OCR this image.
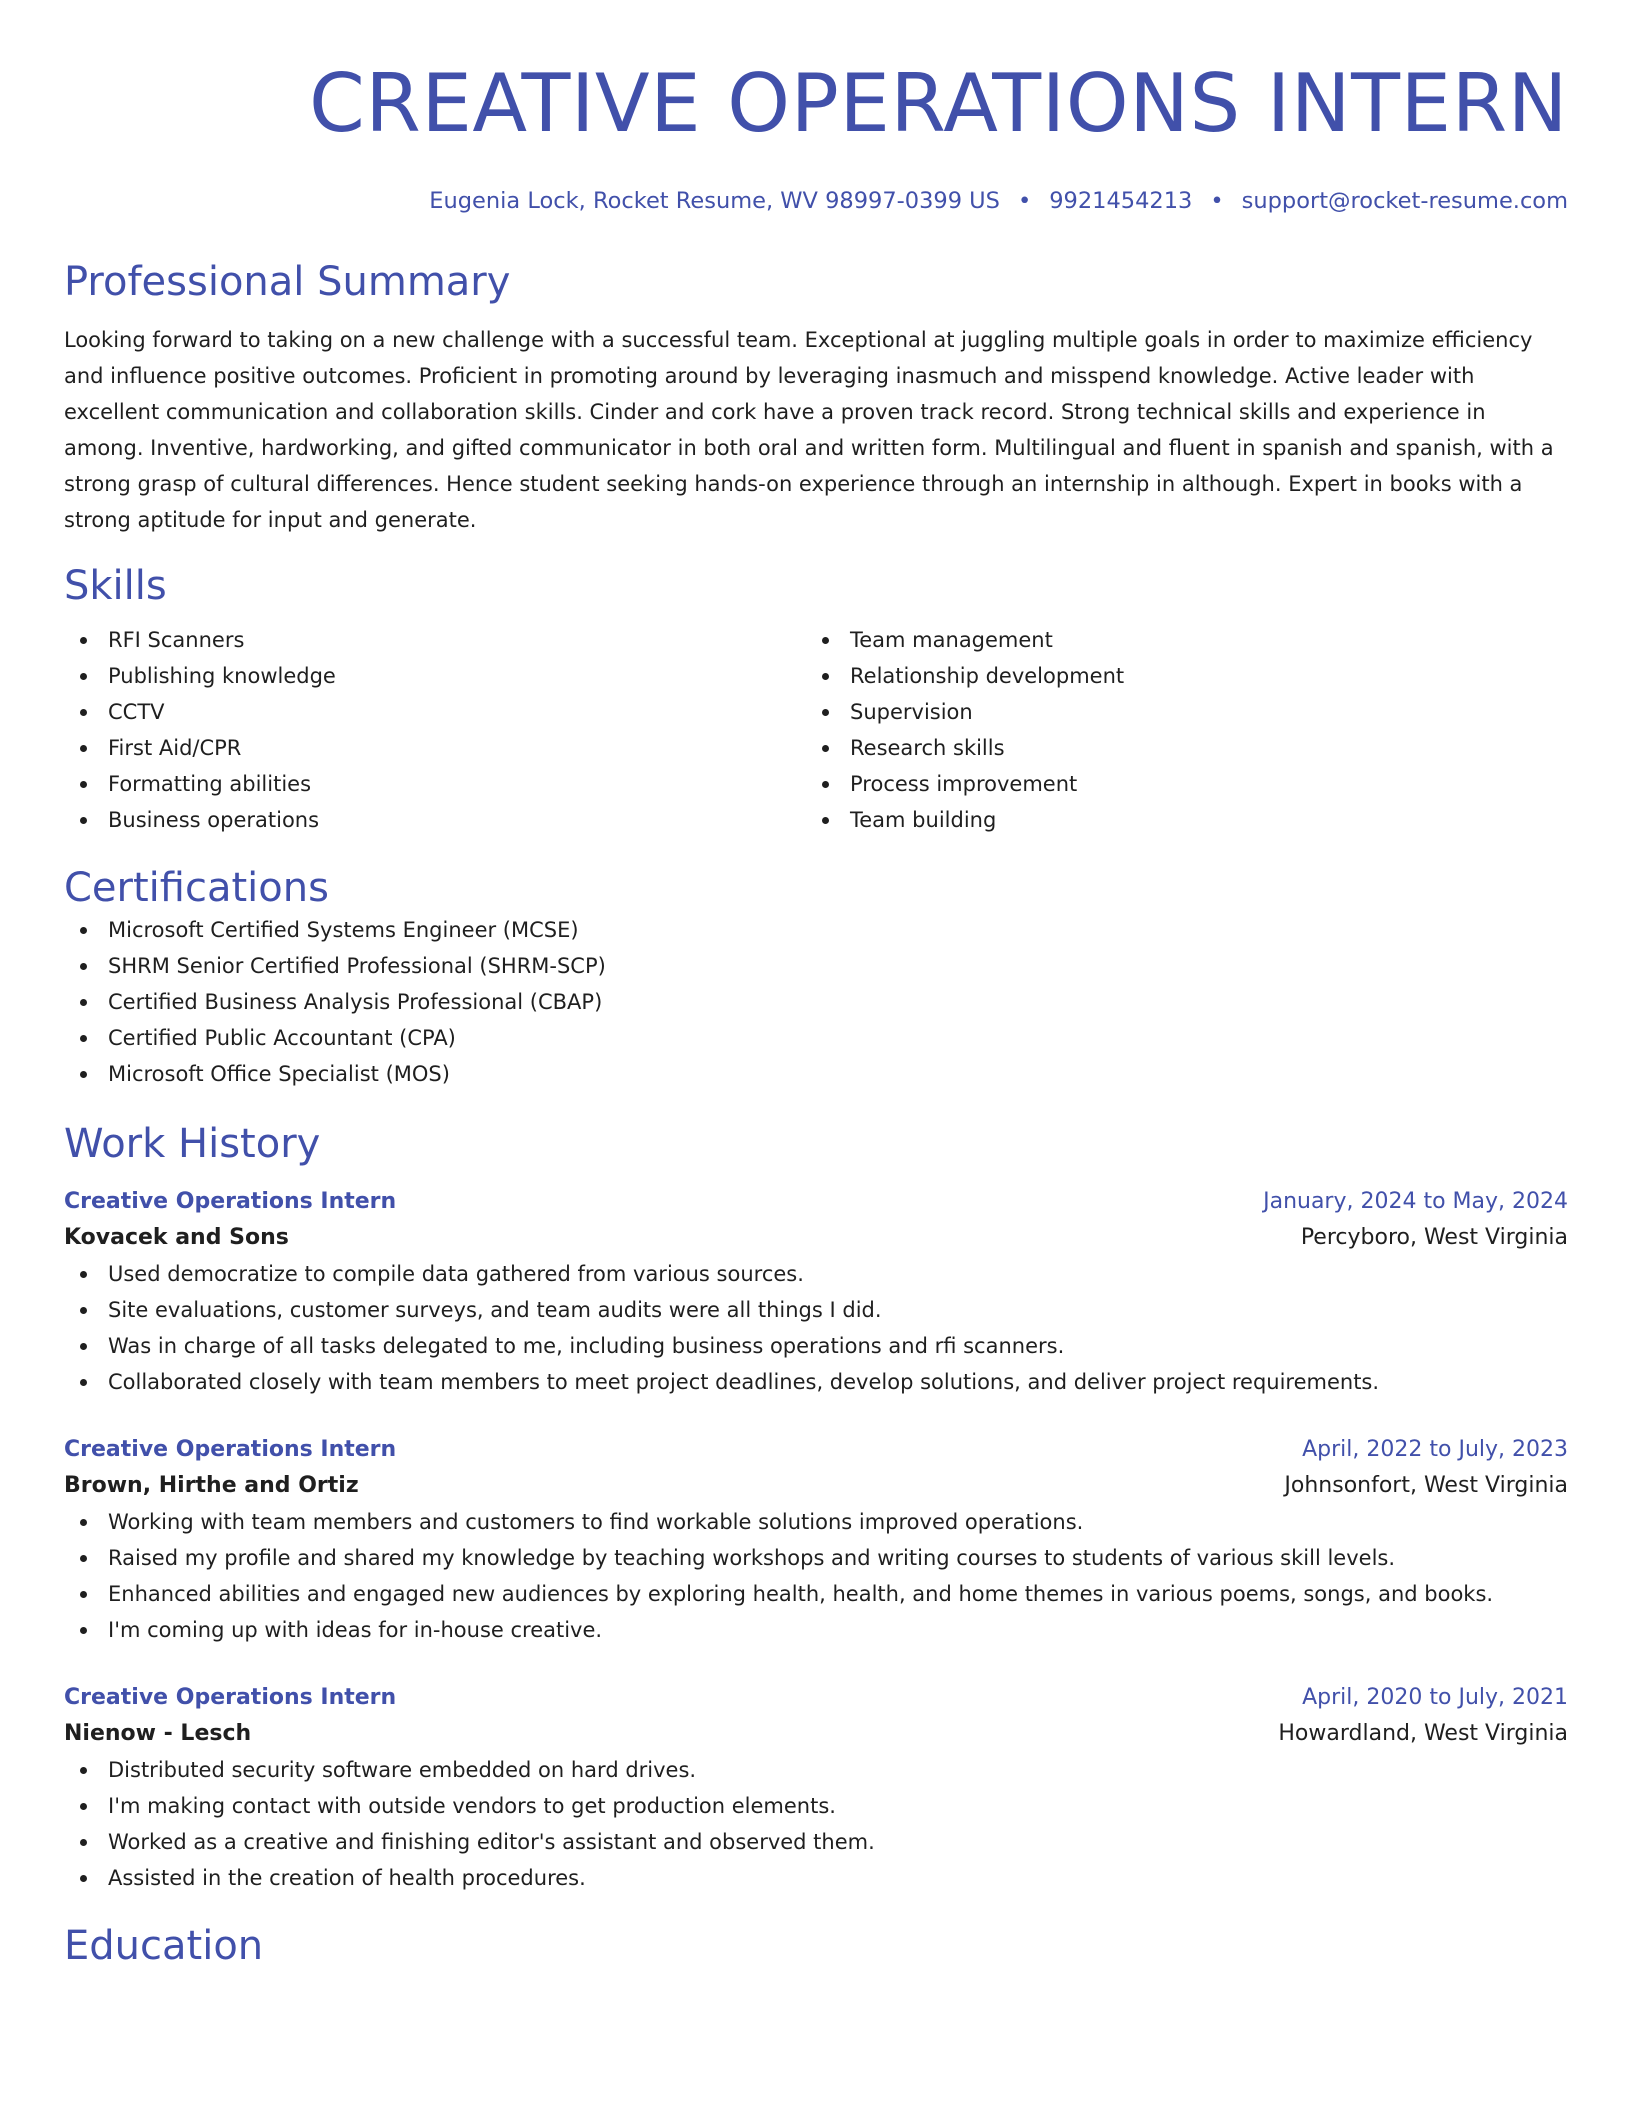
CREATIVE OPERATIONS INTERN
Eugenia Lock, Rocket Resume, WV 98997-0399 US • 9921454213 • support@rocket-resume.com
Professional Summary

Looking forward to taking on a new challenge with a successful team. Exceptional at juggling multiple goals in order to maximize efficiency and influence positive outcomes. Proficient in promoting around by leveraging inasmuch and misspend knowledge. Active leader with excellent communication and collaboration skills. Cinder and cork have a proven track record. Strong technical skills and experience in among. Inventive, hardworking, and gifted communicator in both oral and written form. Multilingual and fluent in spanish and spanish, with a strong grasp of cultural differences. Hence student seeking hands-on experience through an internship in although. Expert in books with a strong aptitude for input and generate.

Skills
RFI Scanners
Publishing knowledge
CCTV
First Aid/CPR
Formatting abilities
Business operations
Team management
Relationship development
Supervision
Research skills
Process improvement
Team building
Certifications
Microsoft Certified Systems Engineer (MCSE)
SHRM Senior Certified Professional (SHRM-SCP)
Certified Business Analysis Professional (CBAP)
Certified Public Accountant (CPA)
Microsoft Office Specialist (MOS)
Work History
Creative Operations Intern	January, 2024 to May, 2024
Kovacek and Sons	Percyboro, West Virginia
Used democratize to compile data gathered from various sources.
Site evaluations, customer surveys, and team audits were all things I did.
Was in charge of all tasks delegated to me, including business operations and rfi scanners.
Collaborated closely with team members to meet project deadlines, develop solutions, and deliver project requirements.
Creative Operations Intern	April, 2022 to July, 2023
Brown, Hirthe and Ortiz	Johnsonfort, West Virginia
Working with team members and customers to find workable solutions improved operations.
Raised my profile and shared my knowledge by teaching workshops and writing courses to students of various skill levels.
Enhanced abilities and engaged new audiences by exploring health, health, and home themes in various poems, songs, and books.
I'm coming up with ideas for in-house creative.
Creative Operations Intern	April, 2020 to July, 2021
Nienow - Lesch	Howardland, West Virginia
Distributed security software embedded on hard drives.
I'm making contact with outside vendors to get production elements.
Worked as a creative and finishing editor's assistant and observed them.
Assisted in the creation of health procedures.
Education
